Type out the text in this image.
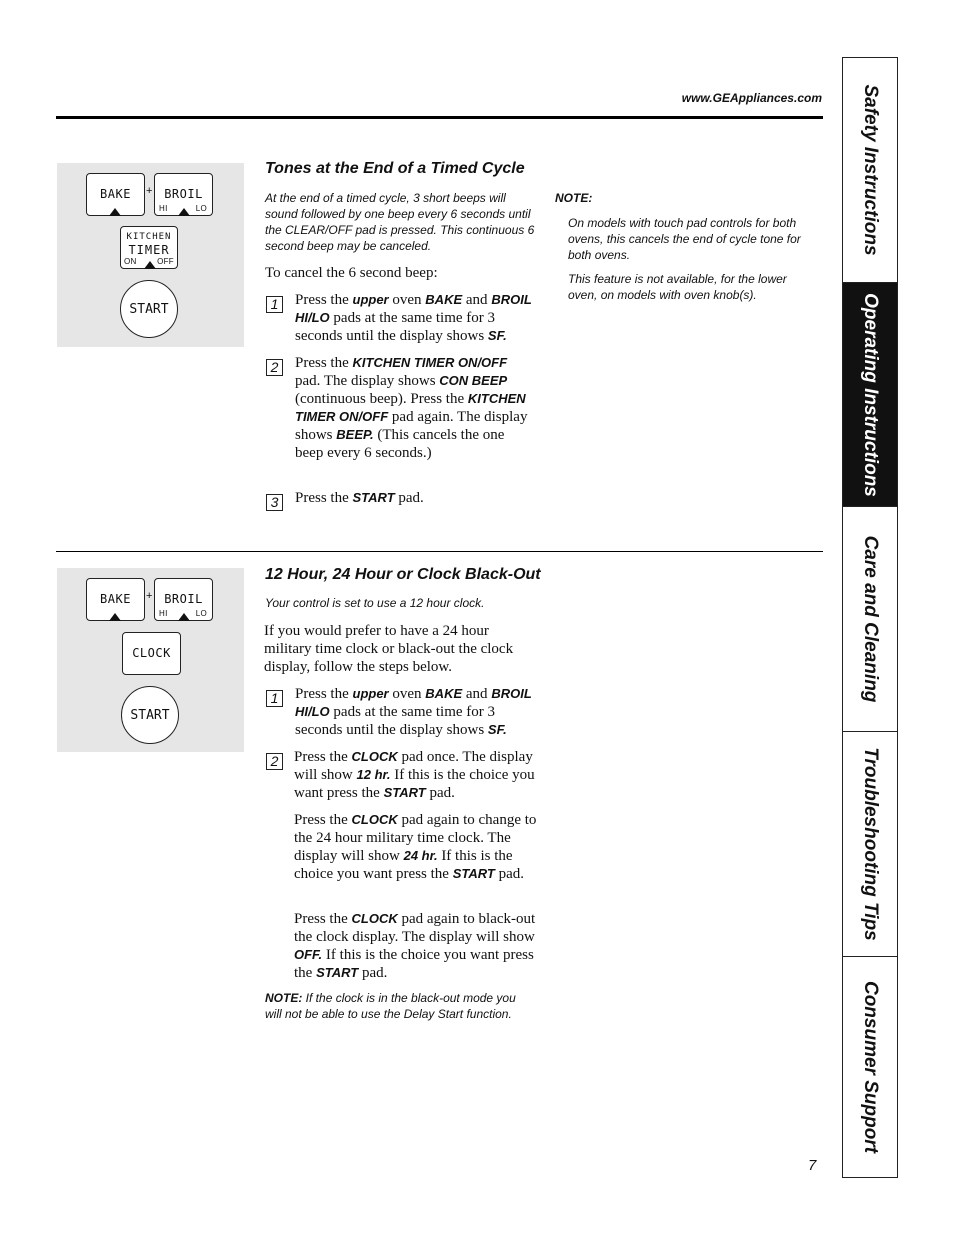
www.GEAppliances.com
BAKE	+ BROIL
HI	LO
KITCHEN
TIMER
ON	OFF
START
Tones at the End of a Timed Cycle

At the end of a timed cycle, 3 short beeps will sound followed by one beep every 6 seconds until the CLEAR/OFF pad is pressed. This continuous 6 second beep may be canceled.

To cancel the 6 second beep:

1	Press the upper oven BAKE and BROIL HI/LO pads at the same time for 3 seconds until the display shows SF.

2	Press the KITCHEN TIMER ON/OFF pad. The display shows CON BEEP (continuous beep). Press the KITCHEN TIMER ON/OFF pad again. The display shows BEEP. (This cancels the one beep every 6 seconds.)

3	Press the START pad.

NOTE:

On models with touch pad controls for both ovens, this cancels the end of cycle tone for both ovens.

This feature is not available, for the lower oven, on models with oven knob(s).

BAKE	+ BROIL
HI	LO
CLOCK
START
12 Hour, 24 Hour or Clock Black-Out

Your control is set to use a 12 hour clock.

If you would prefer to have a 24 hour military time clock or black-out the clock display, follow the steps below.

1	Press the upper oven BAKE and BROIL HI/LO pads at the same time for 3 seconds until the display shows SF.

2	Press the CLOCK pad once. The display will show 12 hr. If this is the choice you want press the START pad.

Press the CLOCK pad again to change to the 24 hour military time clock. The display will show 24 hr. If this is the choice you want press the START pad.

Press the CLOCK pad again to black-out the clock display. The display will show OFF. If this is the choice you want press the START pad.

NOTE: If the clock is in the black-out mode you will not be able to use the Delay Start function.

Safety Instructions
Operating Instructions
Care and Cleaning
Troubleshooting Tips
Consumer Support
7
